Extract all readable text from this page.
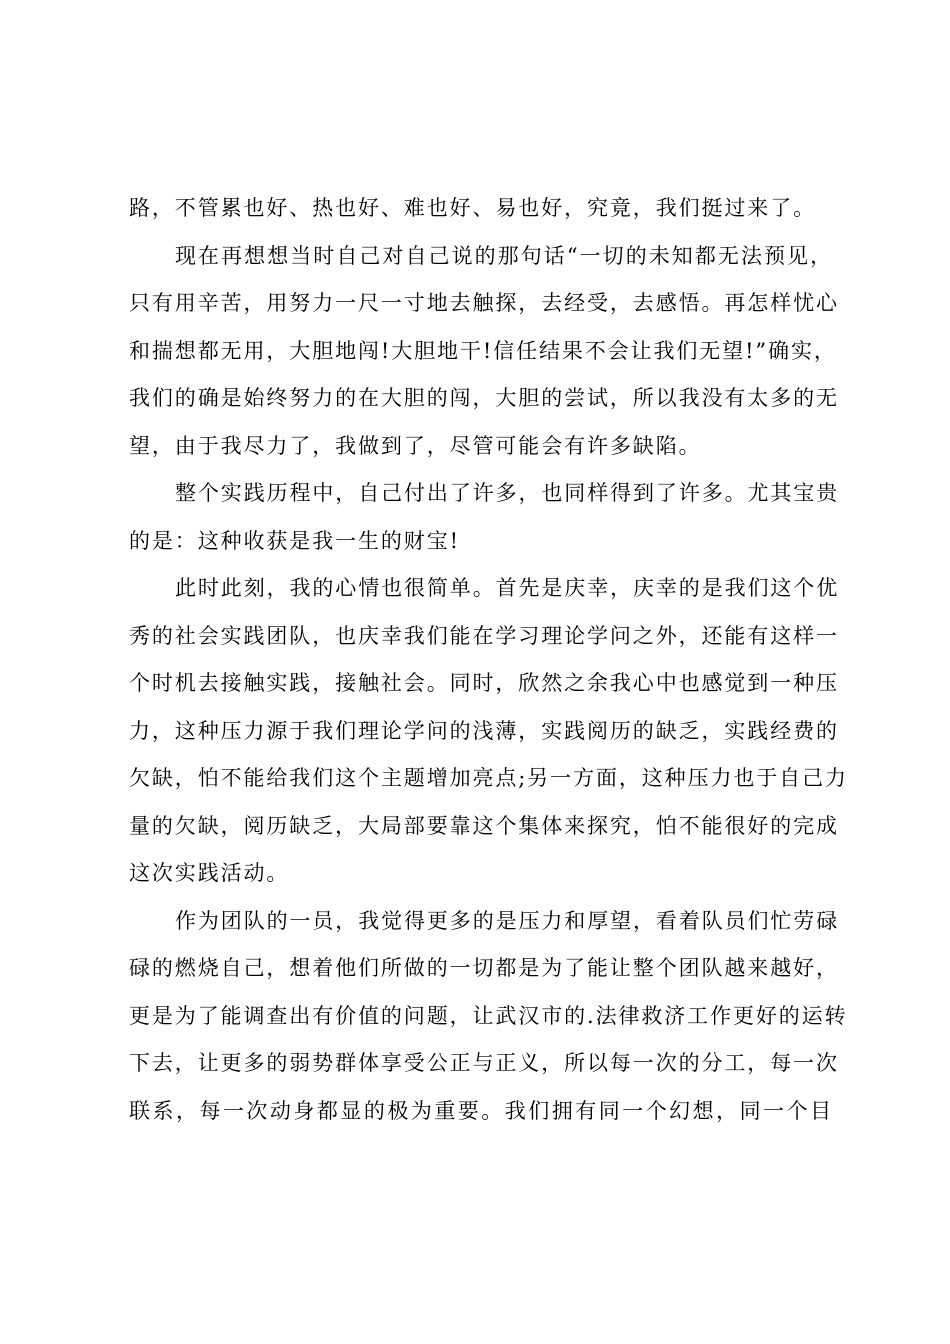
路，不管累也好、热也好、难也好、易也好，究竟，我们挺过来了。
现在再想想当时自己对自己说的那句话“一切的未知都无法预见，
只有用辛苦，用努力一尺一寸地去触探，去经受，去感悟。再怎样忧心
和揣想都无用，大胆地闯!大胆地干!信任结果不会让我们无望!”确实，
我们的确是始终努力的在大胆的闯，大胆的尝试，所以我没有太多的无
望，由于我尽力了，我做到了，尽管可能会有许多缺陷。
整个实践历程中，自己付出了许多，也同样得到了许多。尤其宝贵
的是：这种收获是我一生的财宝!
此时此刻，我的心情也很简单。首先是庆幸，庆幸的是我们这个优
秀的社会实践团队，也庆幸我们能在学习理论学问之外，还能有这样一
个时机去接触实践，接触社会。同时，欣然之余我心中也感觉到一种压
力，这种压力源于我们理论学问的浅薄，实践阅历的缺乏，实践经费的
欠缺，怕不能给我们这个主题增加亮点;另一方面，这种压力也于自己力
量的欠缺，阅历缺乏，大局部要靠这个集体来探究，怕不能很好的完成
这次实践活动。
作为团队的一员，我觉得更多的是压力和厚望，看着队员们忙劳碌
碌的燃烧自己，想着他们所做的一切都是为了能让整个团队越来越好，
更是为了能调查出有价值的问题，让武汉市的.法律救济工作更好的运转
下去，让更多的弱势群体享受公正与正义，所以每一次的分工，每一次
联系，每一次动身都显的极为重要。我们拥有同一个幻想，同一个目
